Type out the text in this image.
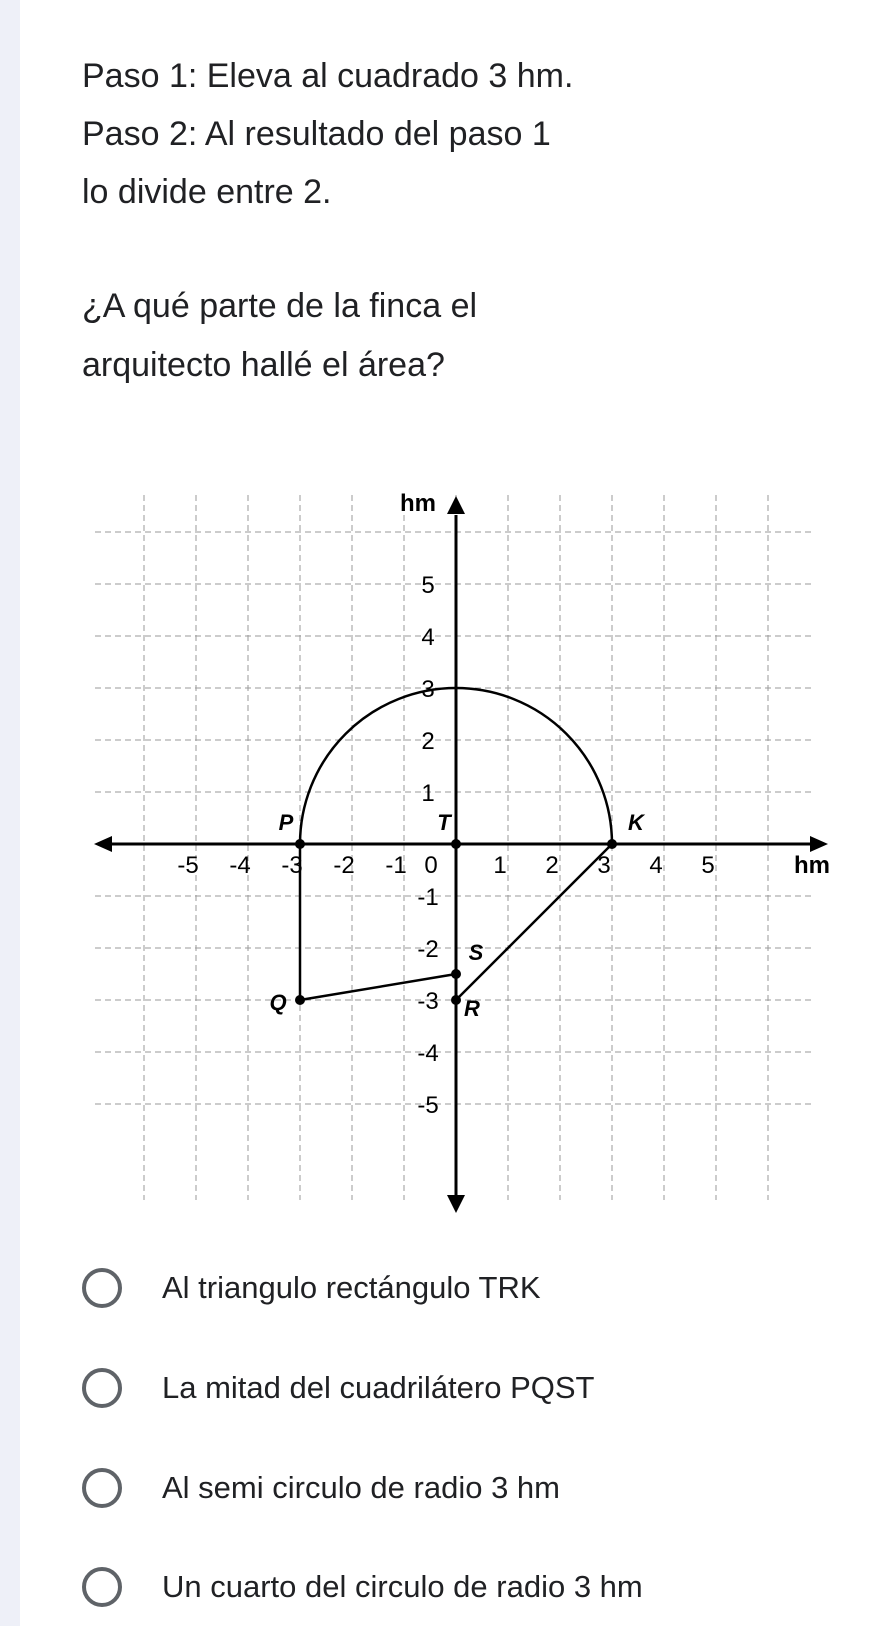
Paso 1: Eleva al cuadrado 3 hm.

Paso 2: Al resultado del paso 1

lo divide entre 2.

¿A qué parte de la finca el

arquitecto hallé el área?

-5 -4 -3 -2 -1 0 1 2 3 4 5	hm
hm
5
4
3
2
1
-1
-2
-3
-4
-5
P	T	K
Q
S
R
Al triangulo rectángulo TRK
La mitad del cuadrilátero PQST
Al semi circulo de radio 3 hm
Un cuarto del circulo de radio 3 hm
